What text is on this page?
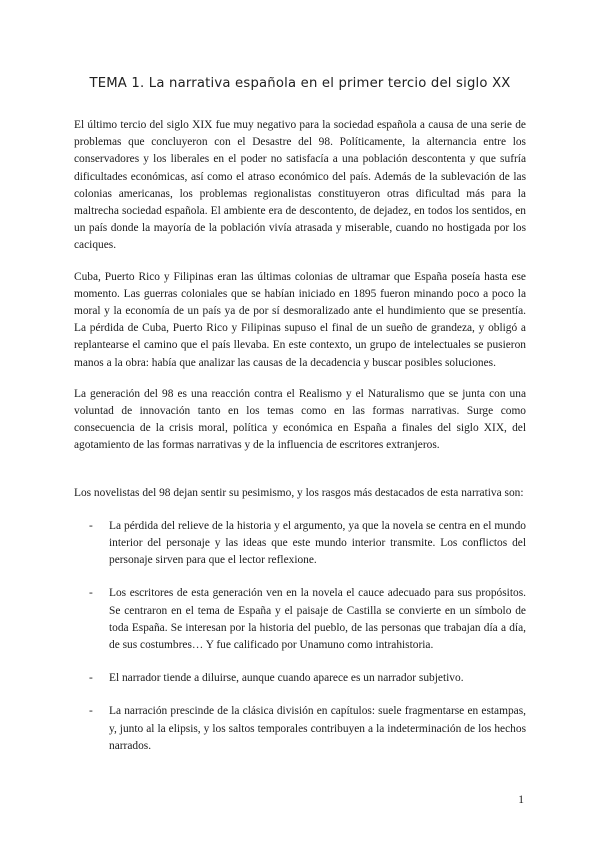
TEMA 1. La narrativa española en el primer tercio del siglo XX

El último tercio del siglo XIX fue muy negativo para la sociedad española a causa de una serie de problemas que concluyeron con el Desastre del 98. Políticamente, la alternancia entre los conservadores y los liberales en el poder no satisfacía a una población descontenta y que sufría dificultades económicas, así como el atraso económico del país. Además de la sublevación de las colonias americanas, los problemas regionalistas constituyeron otras dificultad más para la maltrecha sociedad española. El ambiente era de descontento, de dejadez, en todos los sentidos, en un país donde la mayoría de la población vivía atrasada y miserable, cuando no hostigada por los caciques.

Cuba, Puerto Rico y Filipinas eran las últimas colonias de ultramar que España poseía hasta ese momento. Las guerras coloniales que se habían iniciado en 1895 fueron minando poco a poco la moral y la economía de un país ya de por sí desmoralizado ante el hundimiento que se presentía. La pérdida de Cuba, Puerto Rico y Filipinas supuso el final de un sueño de grandeza, y obligó a replantearse el camino que el país llevaba. En este contexto, un grupo de intelectuales se pusieron manos a la obra: había que analizar las causas de la decadencia y buscar posibles soluciones.

La generación del 98 es una reacción contra el Realismo y el Naturalismo que se junta con una voluntad de innovación tanto en los temas como en las formas narrativas. Surge como consecuencia de la crisis moral, política y económica en España a finales del siglo XIX, del agotamiento de las formas narrativas y de la influencia de escritores extranjeros.

Los novelistas del 98 dejan sentir su pesimismo, y los rasgos más destacados de esta narrativa son:

- La pérdida del relieve de la historia y el argumento, ya que la novela se centra en el mundo interior del personaje y las ideas que este mundo interior transmite. Los conflictos del personaje sirven para que el lector reflexione.
- Los escritores de esta generación ven en la novela el cauce adecuado para sus propósitos. Se centraron en el tema de España y el paisaje de Castilla se convierte en un símbolo de toda España. Se interesan por la historia del pueblo, de las personas que trabajan día a día, de sus costumbres… Y fue calificado por Unamuno como intrahistoria.
- El narrador tiende a diluirse, aunque cuando aparece es un narrador subjetivo.
- La narración prescinde de la clásica división en capítulos: suele fragmentarse en estampas, y, junto al la elipsis, y los saltos temporales contribuyen a la indeterminación de los hechos narrados.
1
